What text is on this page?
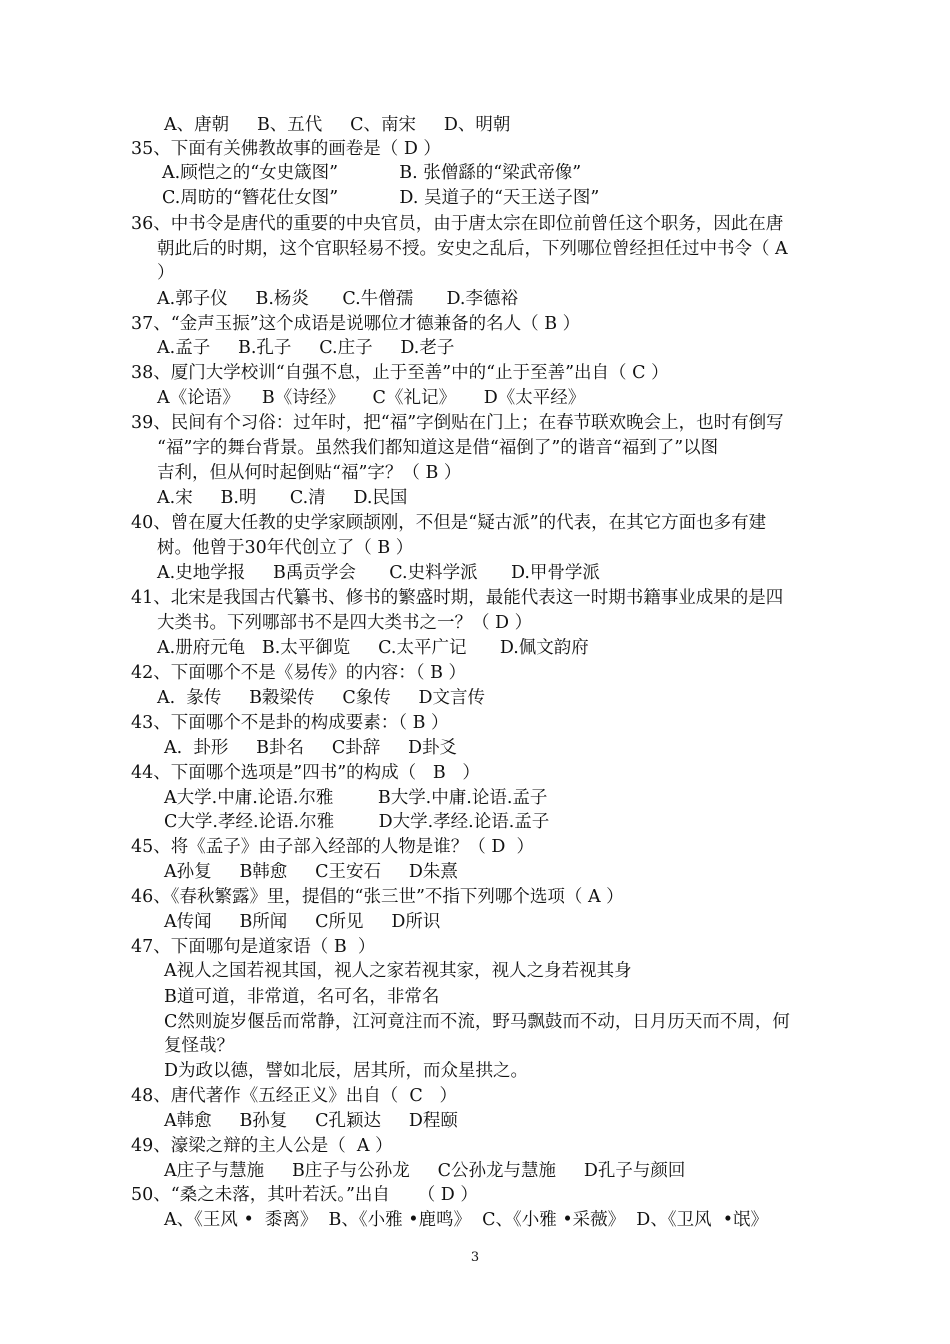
A、唐朝     B、五代     C、南宋     D、明朝
35、下面有关佛教故事的画卷是（ D ）
A.顾恺之的“女史箴图”           B. 张僧繇的“梁武帝像”
C.周昉的“簪花仕女图”           D. 吴道子的“天王送子图”
36、中书令是唐代的重要的中央官员，由于唐太宗在即位前曾任这个职务，因此在唐
朝此后的时期，这个官职轻易不授。安史之乱后，下列哪位曾经担任过中书令（ A
）
A.郭子仪     B.杨炎      C.牛僧孺      D.李德裕
37、“金声玉振”这个成语是说哪位才德兼备的名人（ B ）
A.孟子     B.孔子     C.庄子     D.老子
38、厦门大学校训“自强不息，止于至善”中的“止于至善”出自（ C ）
A《论语》    B《诗经》     C《礼记》     D《太平经》
39、民间有个习俗：过年时，把“福”字倒贴在门上；在春节联欢晚会上，也时有倒写
“福”字的舞台背景。虽然我们都知道这是借“福倒了”的谐音“福到了”以图
吉利，但从何时起倒贴“福”字？（ B ）
A.宋     B.明      C.清     D.民国
40、曾在厦大任教的史学家顾颉刚，不但是“疑古派”的代表，在其它方面也多有建
树。他曾于30年代创立了（ B ）
A.史地学报     B禹贡学会      C.史料学派      D.甲骨学派
41、北宋是我国古代纂书、修书的繁盛时期，最能代表这一时期书籍事业成果的是四
大类书。下列哪部书不是四大类书之一？（ D ）
A.册府元龟   B.太平御览     C.太平广记      D.佩文韵府
42、下面哪个不是《易传》的内容：（ B ）
A.  彖传     B穀梁传     C象传     D文言传
43、下面哪个不是卦的构成要素：（ B ）
A.  卦形     B卦名     C卦辞     D卦爻
44、下面哪个选项是”四书”的构成（   B   ）
A大学.中庸.论语.尔雅        B大学.中庸.论语.孟子
C大学.孝经.论语.尔雅        D大学.孝经.论语.孟子
45、将《孟子》由子部入经部的人物是谁？（ D  ）
A孙复     B韩愈     C王安石     D朱熹
46、《春秋繁露》里，提倡的“张三世”不指下列哪个选项（ A ）
A传闻     B所闻     C所见     D所识
47、下面哪句是道家语（ B  ）
A视人之国若视其国，视人之家若视其家，视人之身若视其身
B道可道，非常道，名可名，非常名
C然则旋岁偃岳而常静，江河竟注而不流，野马飘鼓而不动，日月历天而不周，何
复怪哉？
D为政以德，譬如北辰，居其所，而众星拱之。
48、唐代著作《五经正义》出自（  C   ）
A韩愈     B孙复     C孔颖达     D程颐
49、濠梁之辩的主人公是（  A ）
A庄子与慧施     B庄子与公孙龙     C公孙龙与慧施     D孔子与颜回
50、“桑之未落，其叶若沃。”出自     （ D ）
A、《王风 •  黍离》  B、《小雅 •鹿鸣》  C、《小雅 •采薇》  D、《卫风  •氓》
3
